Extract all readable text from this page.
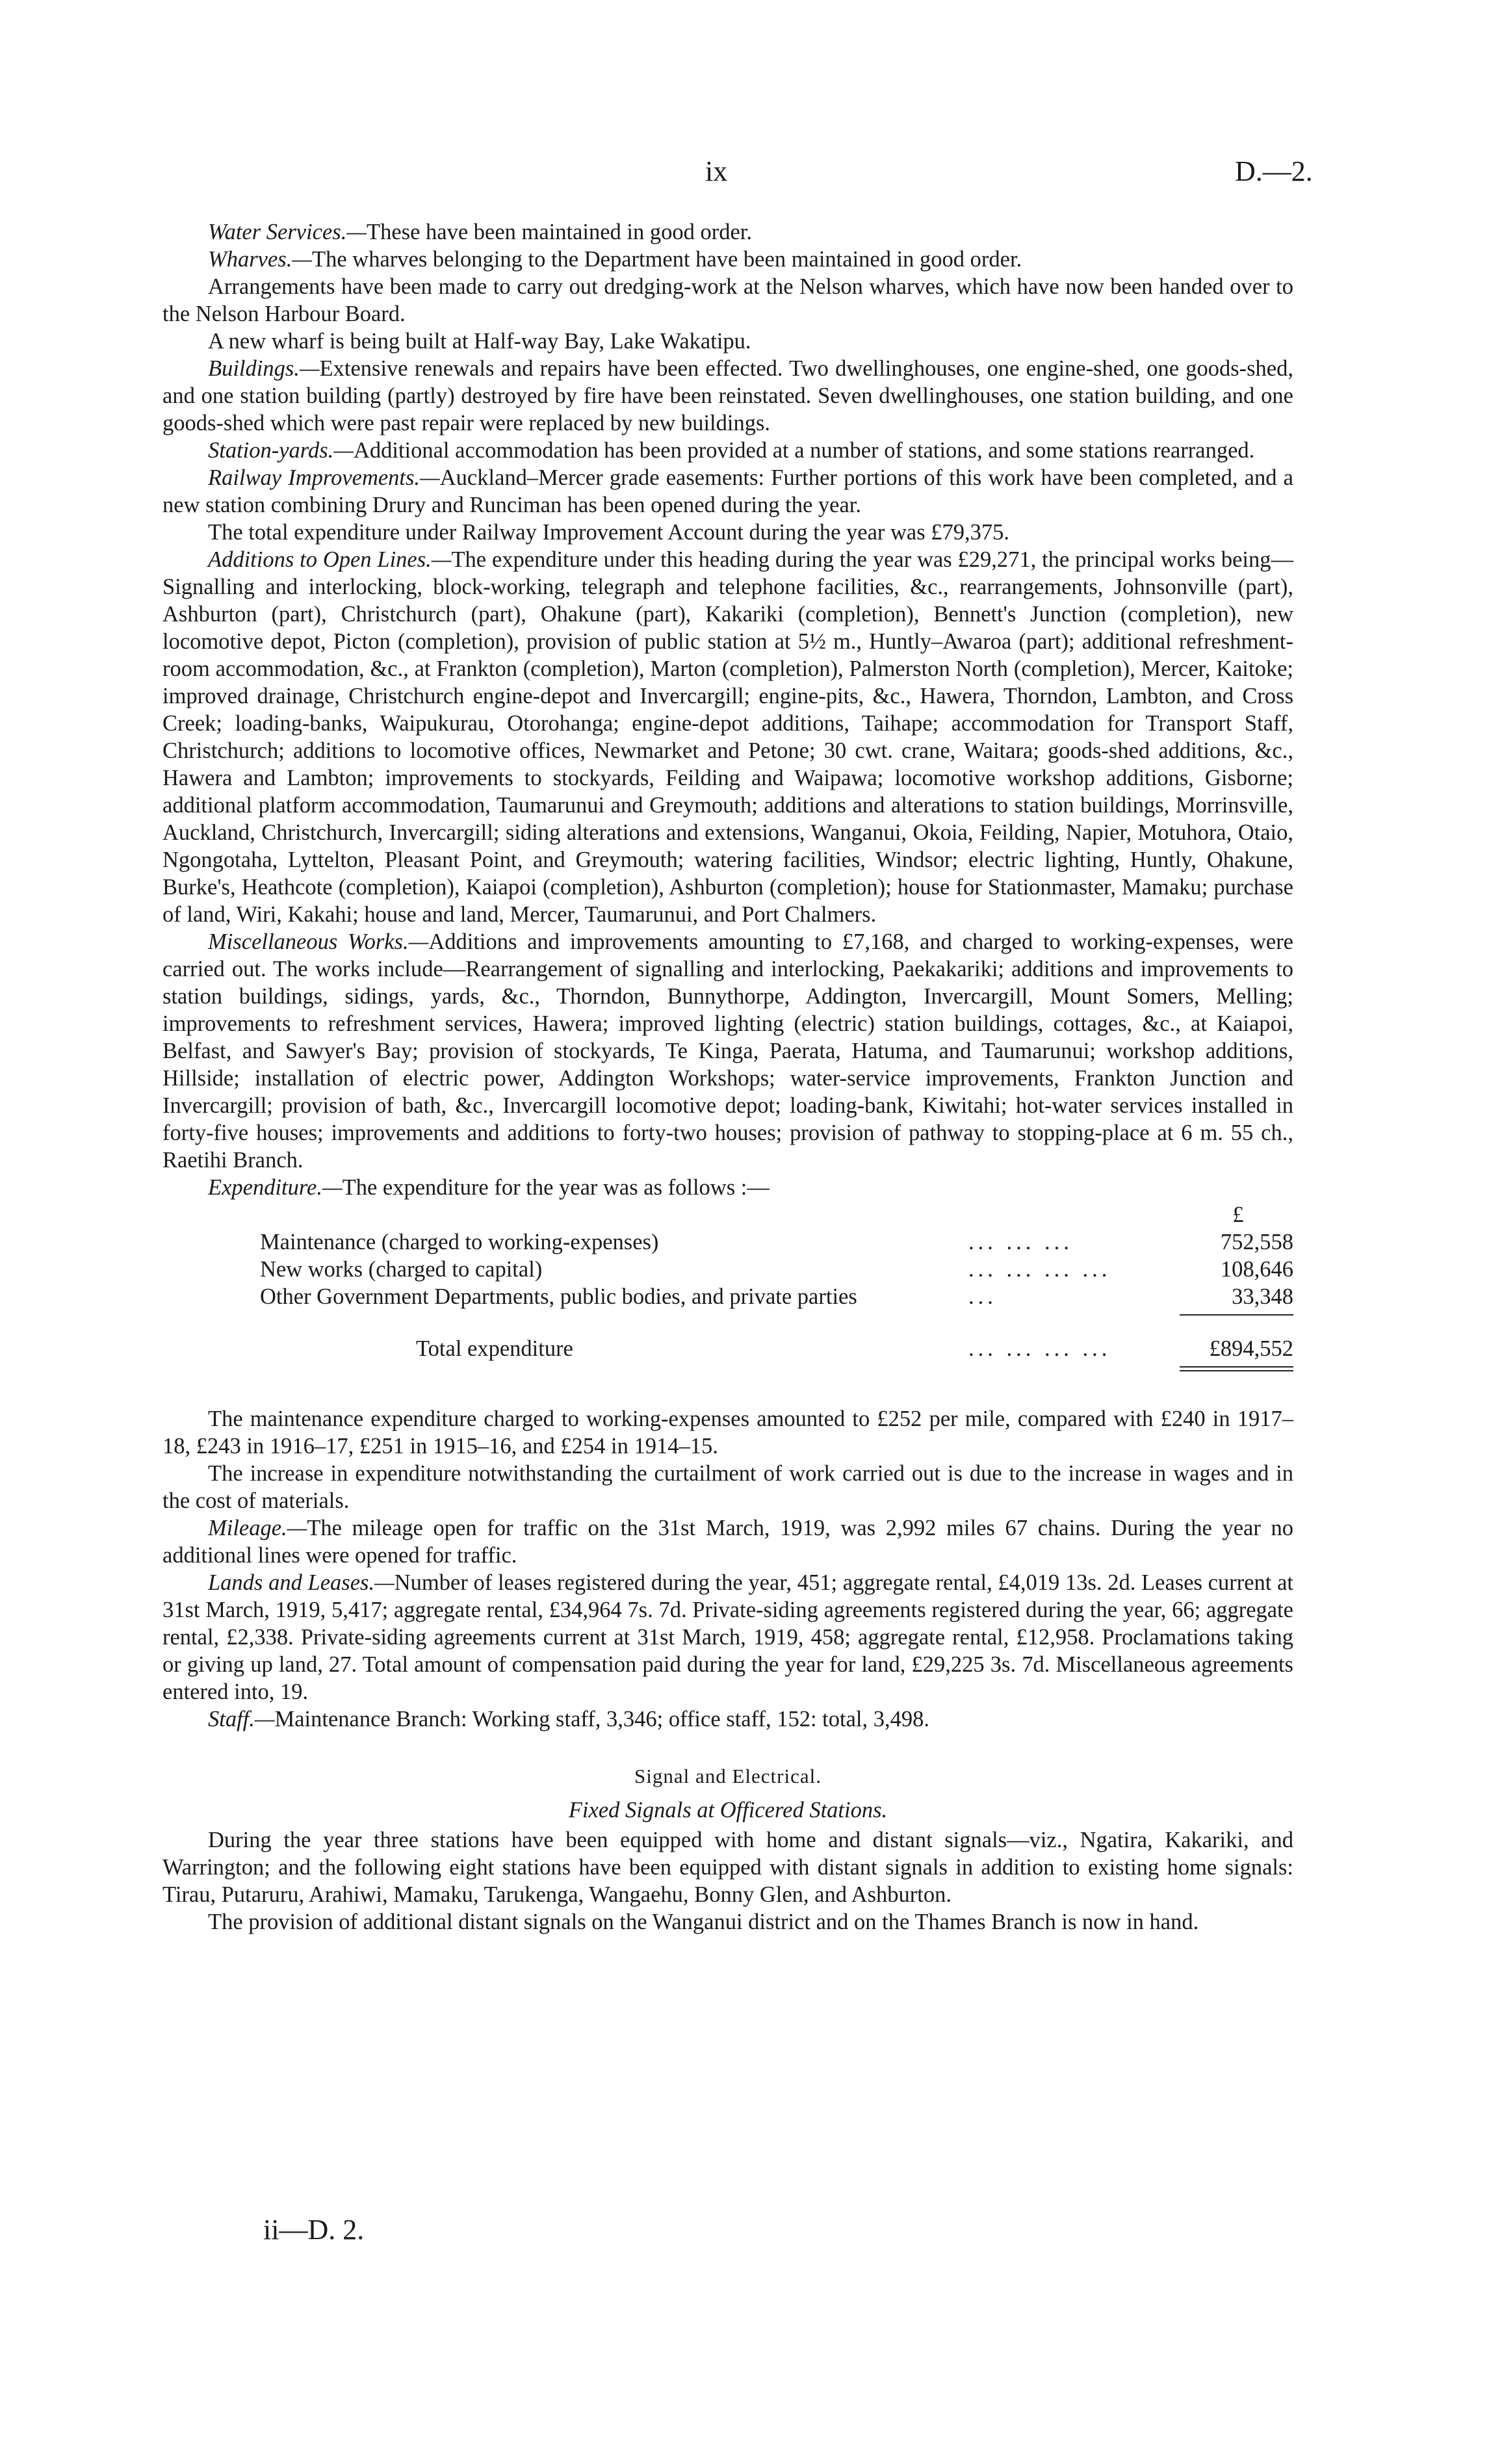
ix	D.—2.

Water Services.—These have been maintained in good order.

Wharves.—The wharves belonging to the Department have been maintained in good order.

Arrangements have been made to carry out dredging-work at the Nelson wharves, which have now been handed over to the Nelson Harbour Board.

A new wharf is being built at Half-way Bay, Lake Wakatipu.

Buildings.—Extensive renewals and repairs have been effected. Two dwellinghouses, one engine-shed, one goods-shed, and one station building (partly) destroyed by fire have been reinstated. Seven dwellinghouses, one station building, and one goods-shed which were past repair were replaced by new buildings.

Station-yards.—Additional accommodation has been provided at a number of stations, and some stations rearranged.

Railway Improvements.—Auckland–Mercer grade easements: Further portions of this work have been completed, and a new station combining Drury and Runciman has been opened during the year.

The total expenditure under Railway Improvement Account during the year was £79,375.

Additions to Open Lines.—The expenditure under this heading during the year was £29,271, the principal works being—Signalling and interlocking, block-working, telegraph and telephone facilities, &c., rearrangements, Johnsonville (part), Ashburton (part), Christchurch (part), Ohakune (part), Kakariki (completion), Bennett's Junction (completion), new locomotive depot, Picton (completion), provision of public station at 5½ m., Huntly–Awaroa (part); additional refreshment-room accommodation, &c., at Frankton (completion), Marton (completion), Palmerston North (completion), Mercer, Kaitoke; improved drainage, Christchurch engine-depot and Invercargill; engine-pits, &c., Hawera, Thorndon, Lambton, and Cross Creek; loading-banks, Waipukurau, Otorohanga; engine-depot additions, Taihape; accommodation for Transport Staff, Christchurch; additions to locomotive offices, Newmarket and Petone; 30 cwt. crane, Waitara; goods-shed additions, &c., Hawera and Lambton; improvements to stockyards, Feilding and Waipawa; locomotive workshop additions, Gisborne; additional platform accommodation, Taumarunui and Greymouth; additions and alterations to station buildings, Morrinsville, Auckland, Christchurch, Invercargill; siding alterations and extensions, Wanganui, Okoia, Feilding, Napier, Motuhora, Otaio, Ngongotaha, Lyttelton, Pleasant Point, and Greymouth; watering facilities, Windsor; electric lighting, Huntly, Ohakune, Burke's, Heathcote (completion), Kaiapoi (completion), Ashburton (completion); house for Stationmaster, Mamaku; purchase of land, Wiri, Kakahi; house and land, Mercer, Taumarunui, and Port Chalmers.

Miscellaneous Works.—Additions and improvements amounting to £7,168, and charged to working-expenses, were carried out. The works include—Rearrangement of signalling and interlocking, Paekakariki; additions and improvements to station buildings, sidings, yards, &c., Thorndon, Bunnythorpe, Addington, Invercargill, Mount Somers, Melling; improvements to refreshment services, Hawera; improved lighting (electric) station buildings, cottages, &c., at Kaiapoi, Belfast, and Sawyer's Bay; provision of stockyards, Te Kinga, Paerata, Hatuma, and Taumarunui; workshop additions, Hillside; installation of electric power, Addington Workshops; water-service improvements, Frankton Junction and Invercargill; provision of bath, &c., Invercargill locomotive depot; loading-bank, Kiwitahi; hot-water services installed in forty-five houses; improvements and additions to forty-two houses; provision of pathway to stopping-place at 6 m. 55 ch., Raetihi Branch.

Expenditure.—The expenditure for the year was as follows :—

£
Maintenance (charged to working-expenses)	... ... ...	752,558
New works (charged to capital)	... ... ... ...	108,646
Other Government Departments, public bodies, and private parties	...	33,348
Total expenditure	... ... ... ...	£894,552

The maintenance expenditure charged to working-expenses amounted to £252 per mile, compared with £240 in 1917–18, £243 in 1916–17, £251 in 1915–16, and £254 in 1914–15.

The increase in expenditure notwithstanding the curtailment of work carried out is due to the increase in wages and in the cost of materials.

Mileage.—The mileage open for traffic on the 31st March, 1919, was 2,992 miles 67 chains. During the year no additional lines were opened for traffic.

Lands and Leases.—Number of leases registered during the year, 451; aggregate rental, £4,019 13s. 2d. Leases current at 31st March, 1919, 5,417; aggregate rental, £34,964 7s. 7d. Private-siding agreements registered during the year, 66; aggregate rental, £2,338. Private-siding agreements current at 31st March, 1919, 458; aggregate rental, £12,958. Proclamations taking or giving up land, 27. Total amount of compensation paid during the year for land, £29,225 3s. 7d. Miscellaneous agreements entered into, 19.

Staff.—Maintenance Branch: Working staff, 3,346; office staff, 152: total, 3,498.

Signal and Electrical.
Fixed Signals at Officered Stations.

During the year three stations have been equipped with home and distant signals—viz., Ngatira, Kakariki, and Warrington; and the following eight stations have been equipped with distant signals in addition to existing home signals: Tirau, Putaruru, Arahiwi, Mamaku, Tarukenga, Wangaehu, Bonny Glen, and Ashburton.

The provision of additional distant signals on the Wanganui district and on the Thames Branch is now in hand.

ii—D. 2.
